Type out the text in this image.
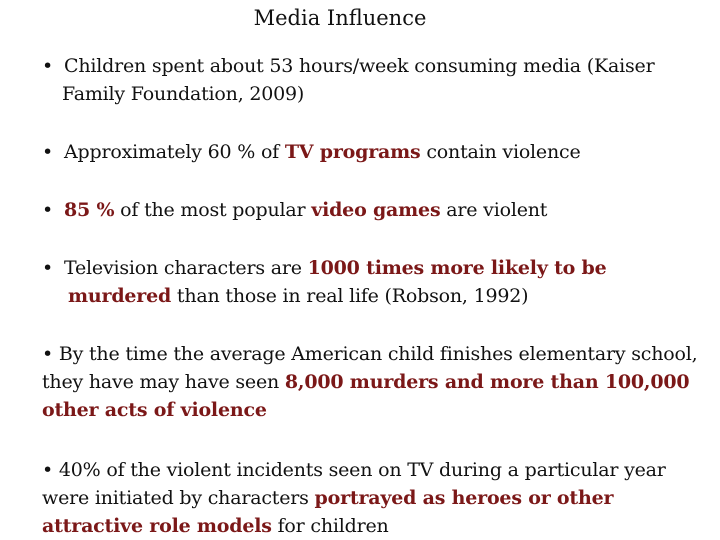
Media Influence
• Children spent about 53 hours/week consuming media (Kaiser
Family Foundation, 2009)
• Approximately 60 % of TV programs contain violence
• 85 % of the most popular video games are violent
• Television characters are 1000 times more likely to be
murdered than those in real life (Robson, 1992)
• By the time the average American child finishes elementary school,
they have may have seen 8,000 murders and more than 100,000
other acts of violence
• 40% of the violent incidents seen on TV during a particular year
were initiated by characters portrayed as heroes or other
attractive role models for children
